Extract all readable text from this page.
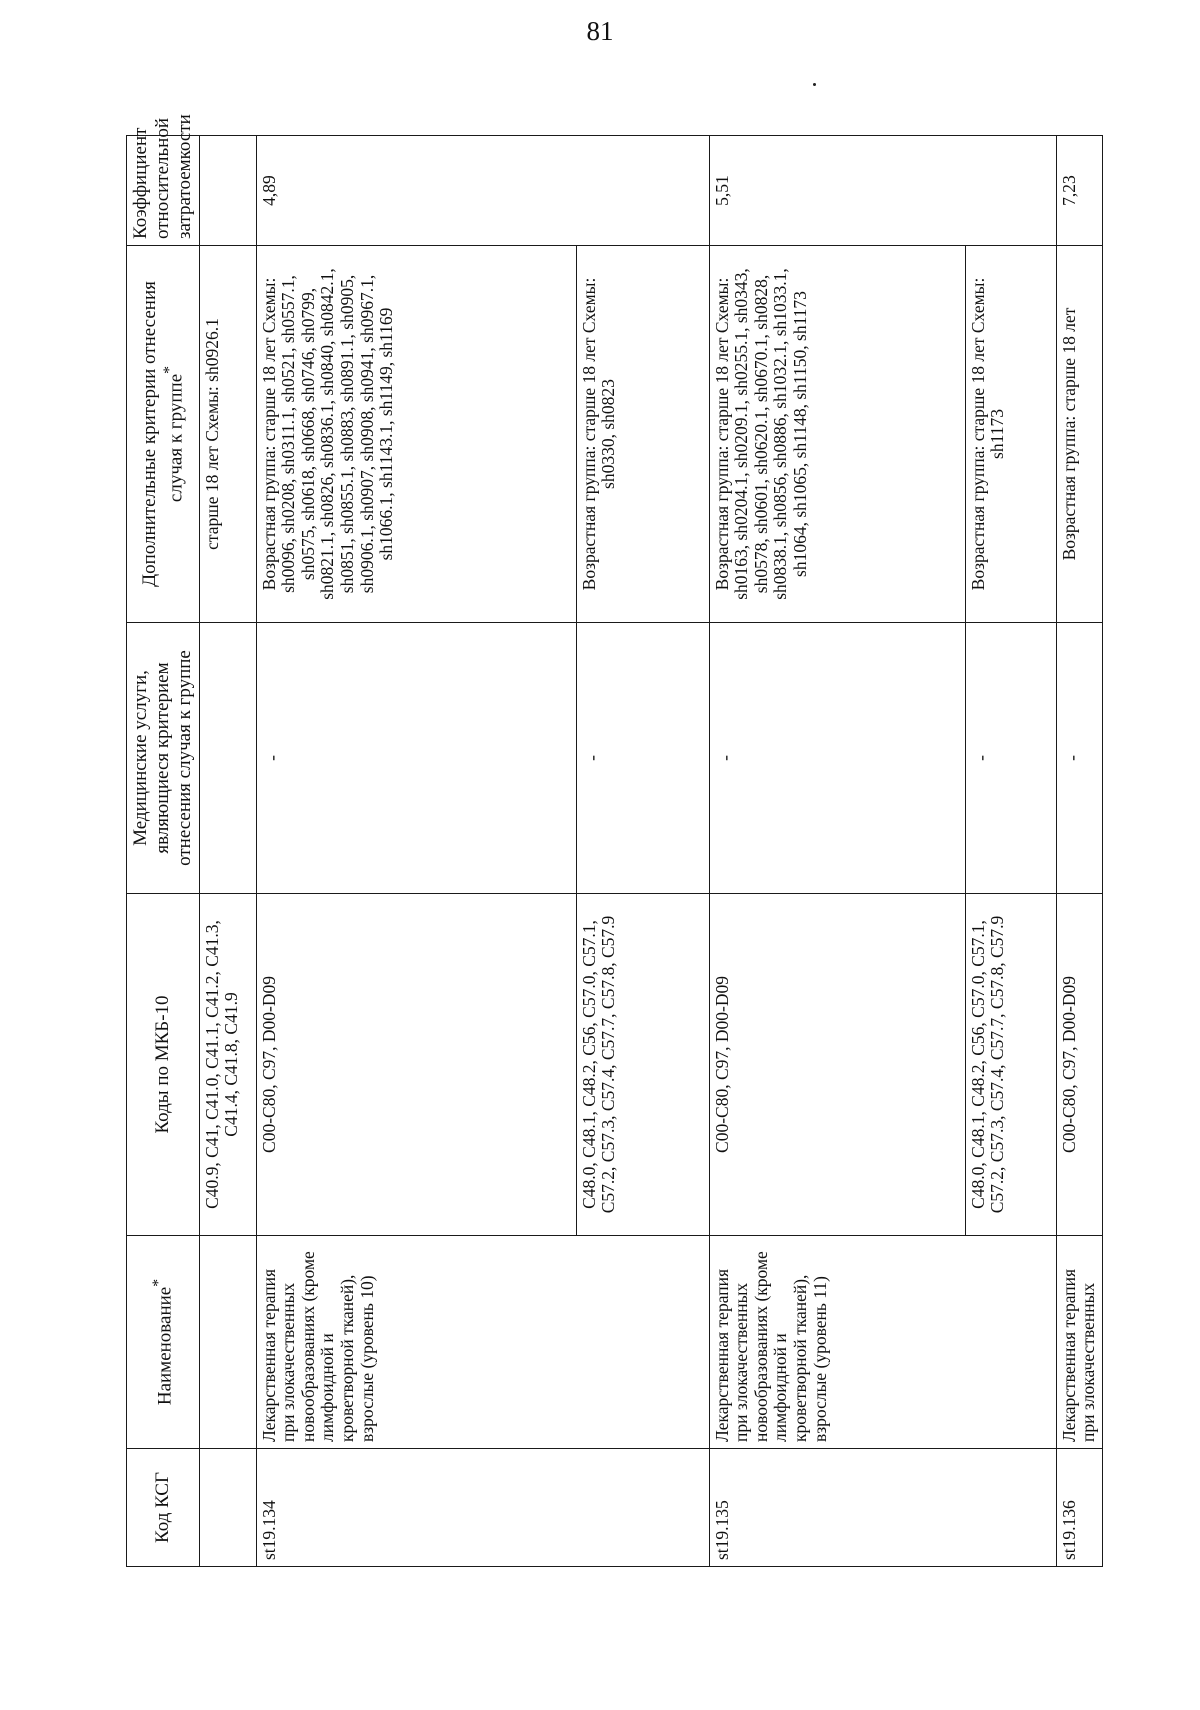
81
Код КСГ	Наименование*	Коды по МКБ-10	Медицинские услуги, являющиеся критерием отнесения случая к группе	Дополнительные критерии отнесения случая к группе*	Коэффициент относительной затратоемкости
		С40.9, С41, С41.0, С41.1, С41.2, С41.3, С41.4, С41.8, С41.9		старше 18 лет Схемы: sh0926.1	
st19.134	Лекарственная терапия при злокачественных новообразованиях (кроме лимфоидной и кроветворной тканей), взрослые (уровень 10)	С00-С80, С97, D00-D09	-	Возрастная группа: старше 18 лет Схемы: sh0096, sh0208, sh0311.1, sh0521, sh0557.1, sh0575, sh0618, sh0668, sh0746, sh0799, sh0821.1, sh0826, sh0836.1, sh0840, sh0842.1, sh0851, sh0855.1, sh0883, sh0891.1, sh0905, sh0906.1, sh0907, sh0908, sh0941, sh0967.1, sh1066.1, sh1143.1, sh1149, sh1169	4,89
		С48.0, С48.1, С48.2, С56, С57.0, С57.1, С57.2, С57.3, С57.4, С57.7, С57.8, С57.9	-	Возрастная группа: старше 18 лет Схемы: sh0330, sh0823	
st19.135	Лекарственная терапия при злокачественных новообразованиях (кроме лимфоидной и кроветворной тканей), взрослые (уровень 11)	С00-С80, С97, D00-D09	-	Возрастная группа: старше 18 лет Схемы: sh0163, sh0204.1, sh0209.1, sh0255.1, sh0343, sh0578, sh0601, sh0620.1, sh0670.1, sh0828, sh0838.1, sh0856, sh0886, sh1032.1, sh1033.1, sh1064, sh1065, sh1148, sh1150, sh1173	5,51
		С48.0, С48.1, С48.2, С56, С57.0, С57.1, С57.2, С57.3, С57.4, С57.7, С57.8, С57.9	-	Возрастная группа: старше 18 лет Схемы: sh1173	
st19.136	Лекарственная терапия при злокачественных	С00-С80, С97, D00-D09	-	Возрастная группа: старше 18 лет	7,23
